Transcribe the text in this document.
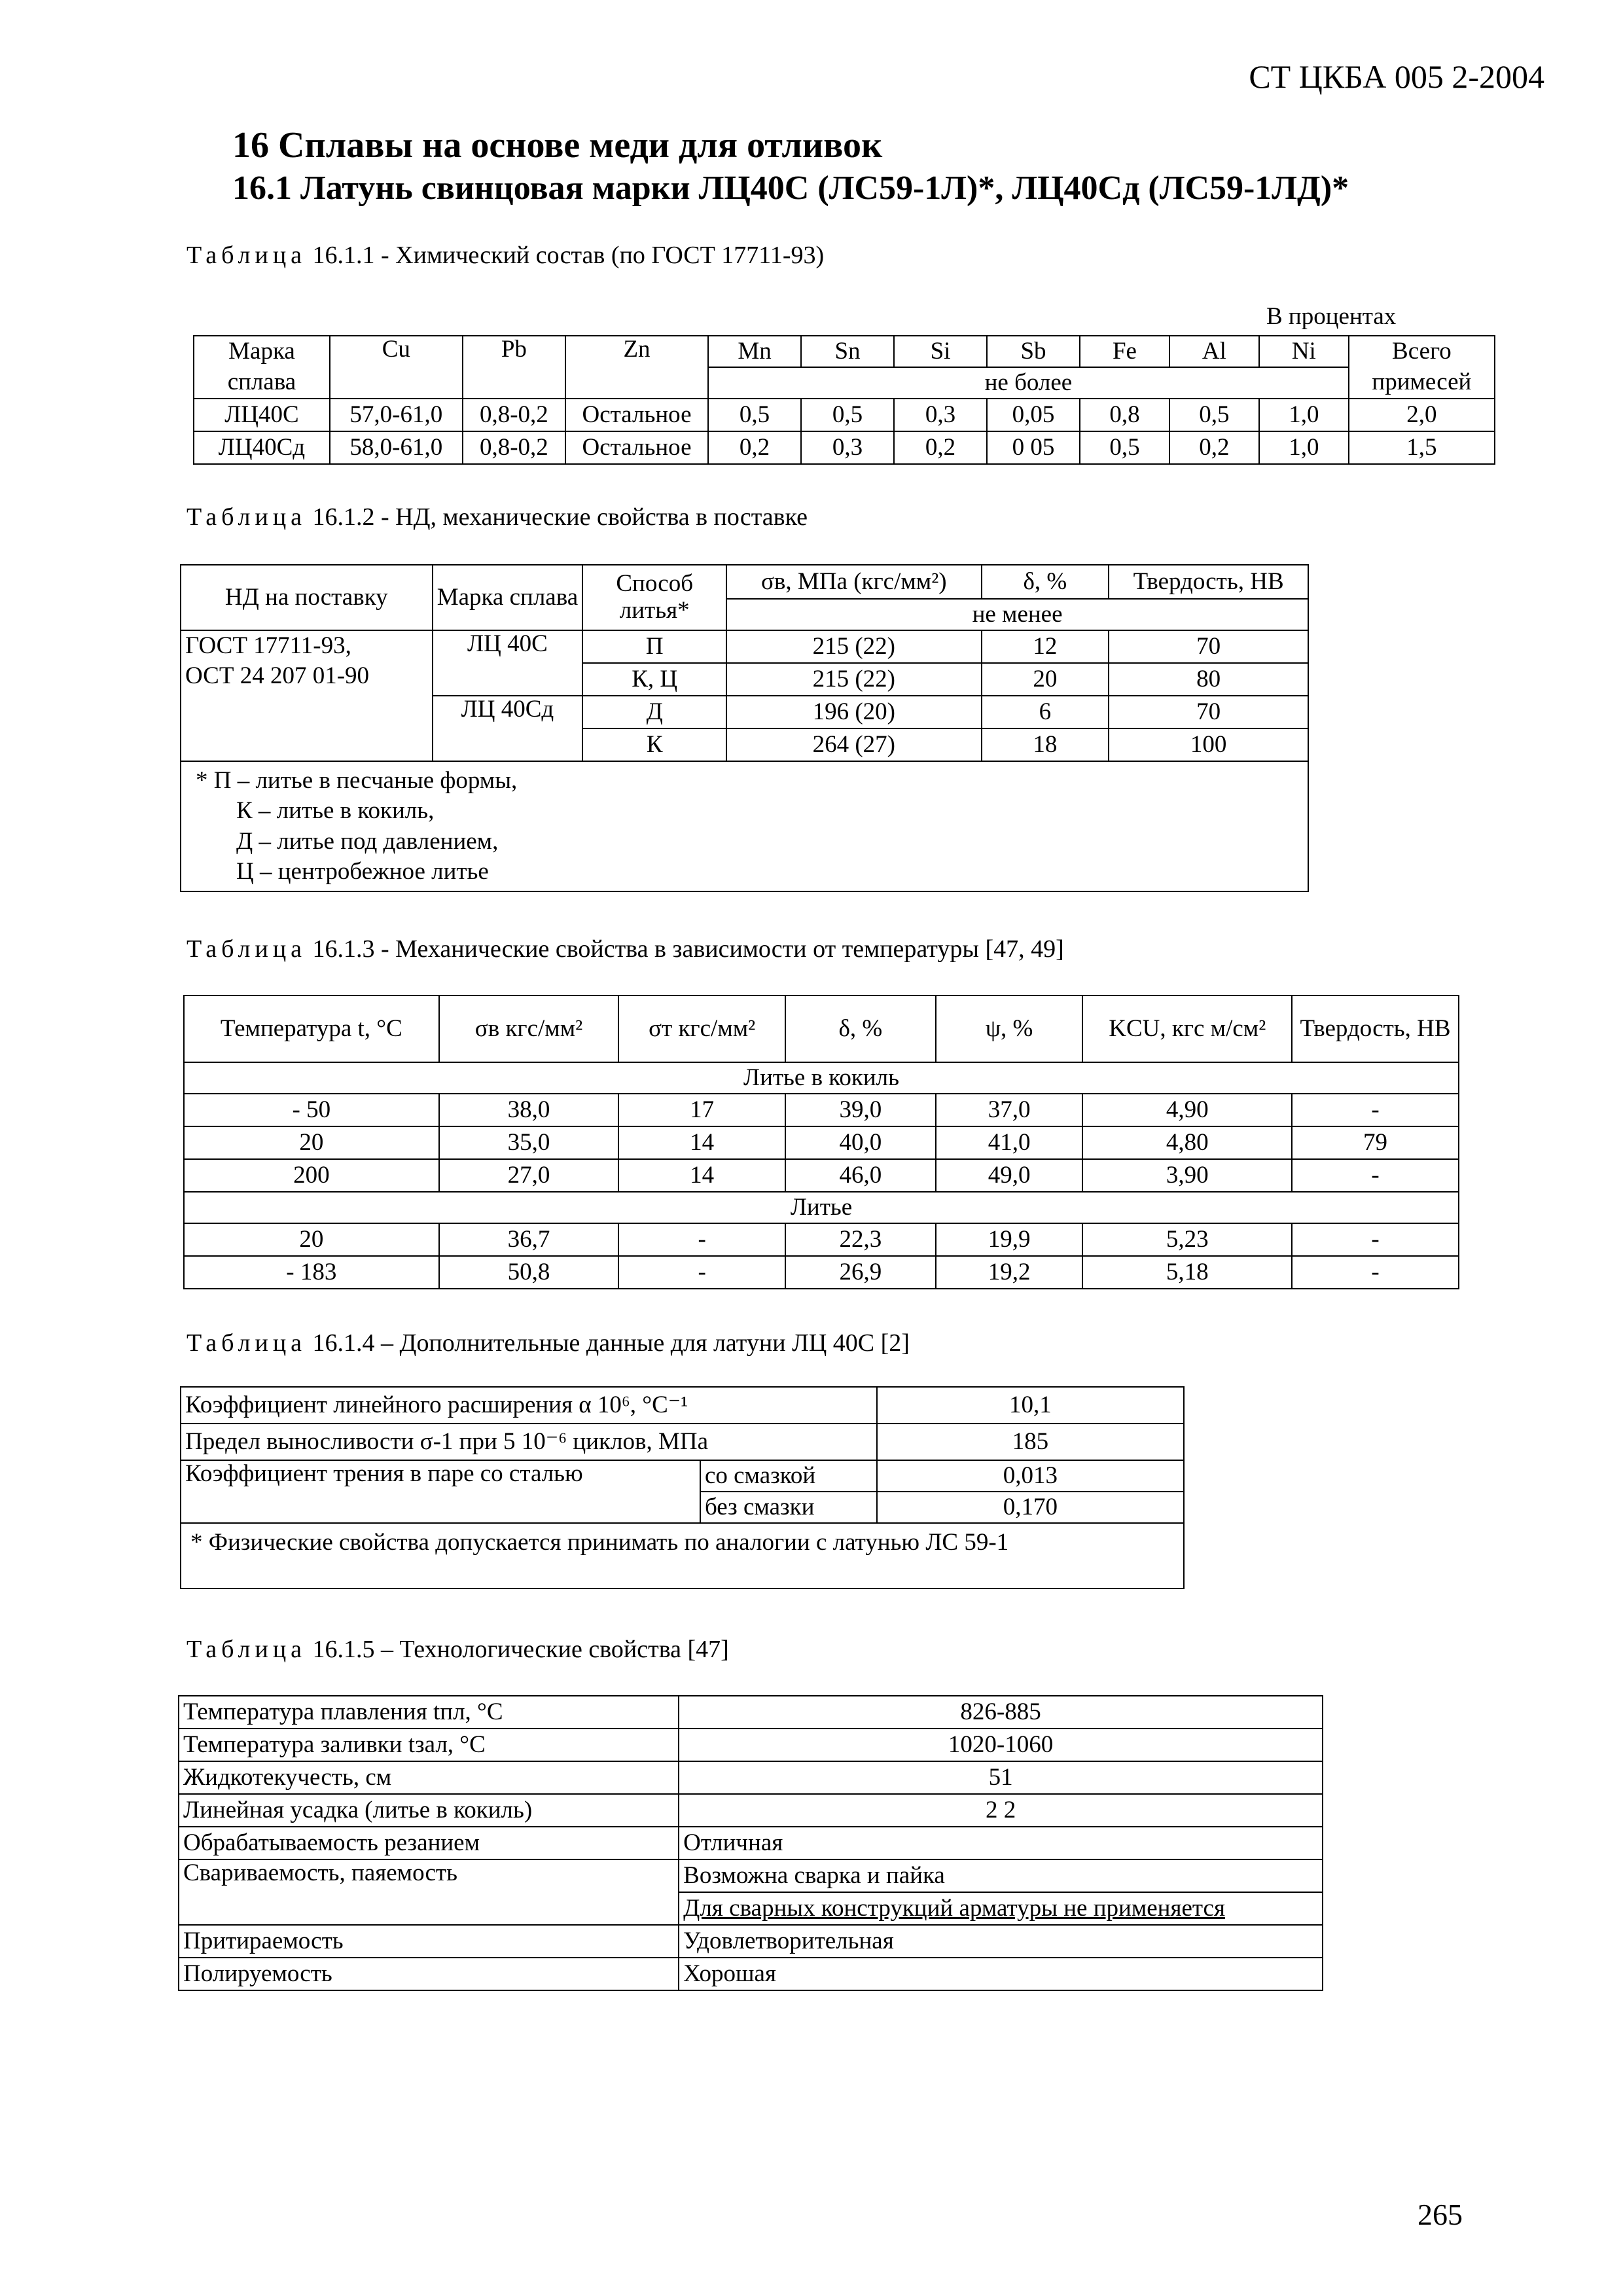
СТ ЦКБА 005 2-2004
16 Сплавы на основе меди для отливок
16.1 Латунь свинцовая марки ЛЦ40С (ЛС59-1Л)*, ЛЦ40Сд (ЛС59-1ЛД)*
Таблица 16.1.1 - Химический состав (по ГОСТ 17711-93)
В процентах
Марка	Cu	Pb	Zn	Mn	Sn	Si	Sb	Fe	Al	Ni	Всего
сплава				не более							примесей
ЛЦ40С	57,0-61,0	0,8-0,2	Остальное	0,5	0,5	0,3	0,05	0,8	0,5	1,0	2,0
ЛЦ40Сд	58,0-61,0	0,8-0,2	Остальное	0,2	0,3	0,2	0 05	0,5	0,2	1,0	1,5
Таблица 16.1.2 - НД, механические свойства в поставке
НД на поставку	Марка сплава	Способ литья*	σв, МПа (кгс/мм²)	δ, %	Твердость, НВ
			не менее		
ГОСТ 17711-93,
ОСТ 24 207 01-90	ЛЦ 40С	П	215 (22)	12	70
		К, Ц	215 (22)	20	80
	ЛЦ 40Сд	Д	196 (20)	6	70
		К	264 (27)	18	100

* П – литье в песчаные формы,
К – литье в кокиль,
Д – литье под давлением,
Ц – центробежное литье					
Таблица 16.1.3 - Механические свойства в зависимости от температуры [47, 49]
Температура t, °С	σв кгс/мм²	σт кгс/мм²	δ, %	ψ, %	KCU, кгс м/см²	Твердость, НВ
Литье в кокиль						
- 50	38,0	17	39,0	37,0	4,90	-
20	35,0	14	40,0	41,0	4,80	79
200	27,0	14	46,0	49,0	3,90	-
Литье						
20	36,7	-	22,3	19,9	5,23	-
- 183	50,8	-	26,9	19,2	5,18	-
Таблица 16.1.4 – Дополнительные данные для латуни ЛЦ 40С [2]
Коэффициент линейного расширения α 10⁶, °С⁻¹		10,1
Предел выносливости σ-1 при 5 10⁻⁶ циклов, МПа		185
Коэффициент трения в паре со сталью	со смазкой	0,013
	без смазки	0,170
* Физические свойства допускается принимать по аналогии с латунью ЛС 59-1		
Таблица 16.1.5 – Технологические свойства [47]
Температура плавления tпл, °С	826-885
Температура заливки tзал, °С	1020-1060
Жидкотекучесть, см	51
Линейная усадка (литье в кокиль)	2 2
Обрабатываемость резанием	Отличная
Свариваемость, паяемость	Возможна сварка и пайка
	Для сварных конструкций арматуры не применяется
Притираемость	Удовлетворительная
Полируемость	Хорошая
265
